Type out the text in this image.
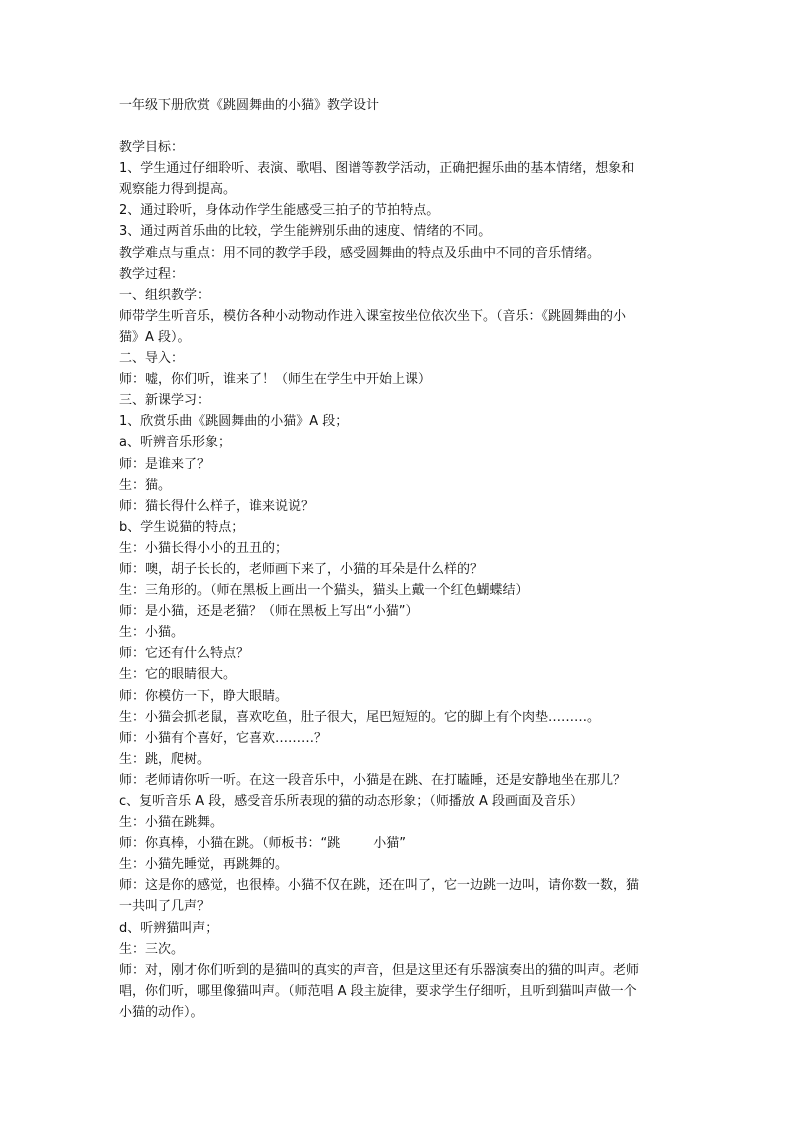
一年级下册欣赏《跳圆舞曲的小猫》教学设计
教学目标：
1、学生通过仔细聆听、表演、歌唱、图谱等教学活动，正确把握乐曲的基本情绪，想象和
观察能力得到提高。
2、通过聆听，身体动作学生能感受三拍子的节拍特点。
3、通过两首乐曲的比较，学生能辨别乐曲的速度、情绪的不同。
教学难点与重点：用不同的教学手段，感受圆舞曲的特点及乐曲中不同的音乐情绪。
教学过程：
一、组织教学：
师带学生听音乐，模仿各种小动物动作进入课室按坐位依次坐下。（音乐：《跳圆舞曲的小
猫》A 段）。
二、导入：
师：嘘，你们听，谁来了！（师生在学生中开始上课）
三、新课学习：
1、欣赏乐曲《跳圆舞曲的小猫》A 段；
a、听辨音乐形象；
师：是谁来了？
生：猫。
师：猫长得什么样子，谁来说说？
b、学生说猫的特点；
生：小猫长得小小的丑丑的；
师：噢，胡子长长的，老师画下来了，小猫的耳朵是什么样的？
生：三角形的。（师在黑板上画出一个猫头，猫头上戴一个红色蝴蝶结）
师：是小猫，还是老猫？（师在黑板上写出“小猫”）
生：小猫。
师：它还有什么特点？
生：它的眼睛很大。
师：你模仿一下，睁大眼睛。
生：小猫会抓老鼠，喜欢吃鱼，肚子很大，尾巴短短的。它的脚上有个肉垫………。
师：小猫有个喜好，它喜欢………？
生：跳，爬树。
师：老师请你听一听。在这一段音乐中，小猫是在跳、在打瞌睡，还是安静地坐在那儿？
c、复听音乐 A 段，感受音乐所表现的猫的动态形象；（师播放 A 段画面及音乐）
生：小猫在跳舞。
师：你真棒，小猫在跳。（师板书：“跳        小猫”
生：小猫先睡觉，再跳舞的。
师：这是你的感觉，也很棒。小猫不仅在跳，还在叫了，它一边跳一边叫，请你数一数，猫
一共叫了几声？
d、听辨猫叫声；
生：三次。
师：对，刚才你们听到的是猫叫的真实的声音，但是这里还有乐器演奏出的猫的叫声。老师
唱，你们听，哪里像猫叫声。（师范唱 A 段主旋律，要求学生仔细听，且听到猫叫声做一个
小猫的动作）。
